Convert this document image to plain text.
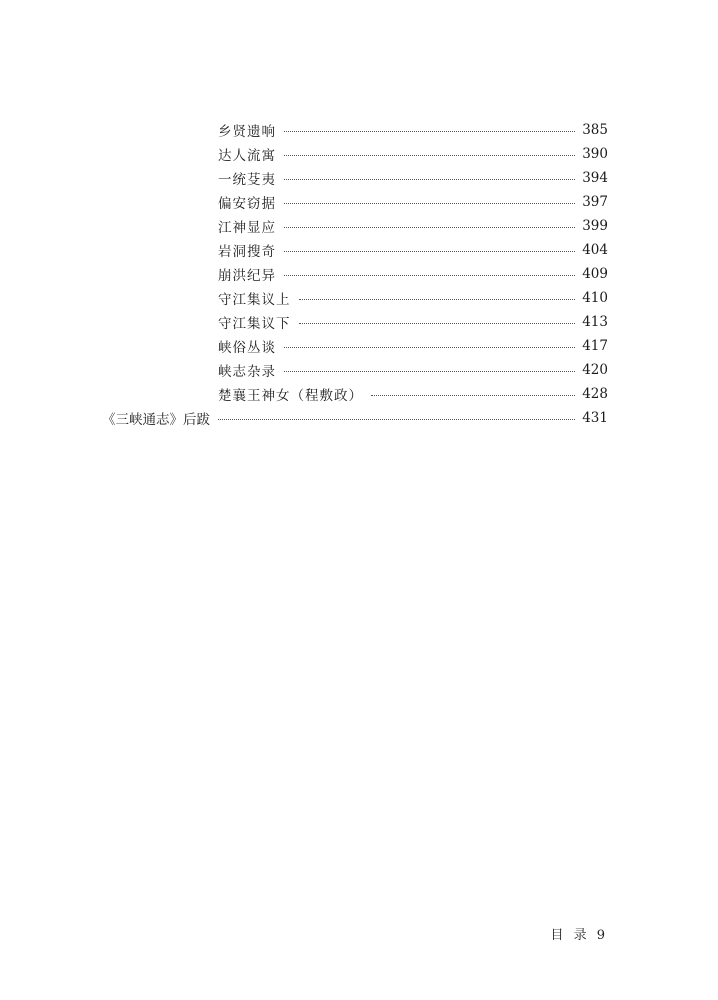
乡贤遗响	385
达人流寓	390
一统芟夷	394
偏安窃据	397
江神显应	399
岩洞搜奇	404
崩洪纪异	409
守江集议上	410
守江集议下	413
峡俗丛谈	417
峡志杂录	420
楚襄王神女（程敷政）	428
《三峡通志》后跋	431
目 录 9
